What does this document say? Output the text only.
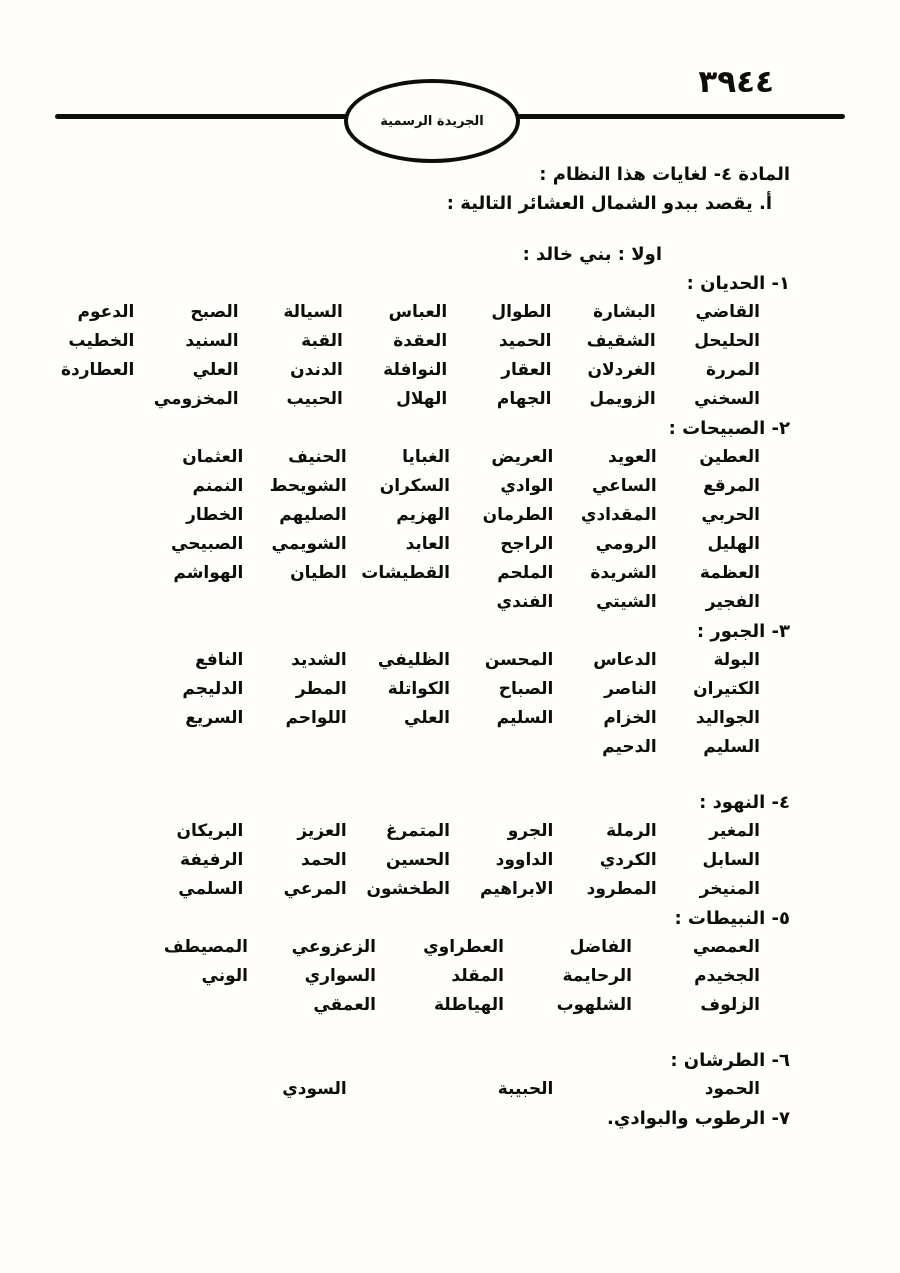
٣٩٤٤
الجريدة الرسمية
المادة ٤- لغايات هذا النظام :
أ. يقصد ببدو الشمال العشائر التالية :
اولا : بني خالد :
١- الحديان :
القاضي
البشارة
الطوال
العباس
السيالة
الصبح
الدعوم
الحليحل
الشقيف
الحميد
العقدة
القبة
السنيد
الخطيب
المررة
الغردلان
العقار
النوافلة
الدندن
العلي
العطاردة
السخني
الزويمل
الجهام
الهلال
الحبيب
المخزومي
٢- الصبيحات :
العطين
العويد
العريض
الغبايا
الحنيف
العثمان
المرقع
الساعي
الوادي
السكران
الشويحط
النمنم
الحربي
المقدادي
الطرمان
الهزيم
الصليهم
الخطار
الهليل
الرومي
الراجح
العابد
الشويمي
الصبيحي
العظمة
الشريدة
الملحم
القطيشات
الطيان
الهواشم
الفجير
الشيتي
الفندي
٣- الجبور :
البولة
الدعاس
المحسن
الظليفي
الشديد
النافع
الكتيران
الناصر
الصباح
الكواتلة
المطر
الدليجم
الجواليد
الخزام
السليم
العلي
اللواحم
السريع
السليم
الدحيم
٤- النهود :
المغير
الرملة
الجرو
المتمرغ
العزيز
البريكان
السابل
الكردي
الداوود
الحسين
الحمد
الرفيفة
المنيخر
المطرود
الابراهيم
الطخشون
المرعي
السلمي
٥- النبيطات :
العمصي
الفاضل
العطراوي
الزعزوعي
المصيطف
الجخيدم
الرحايمة
المقلد
السواري
الوني
الزلوف
الشلهوب
الهياطلة
العمقي
٦- الطرشان :
الحمود
الحبيبة
السودي
٧- الرطوب والبوادي.
